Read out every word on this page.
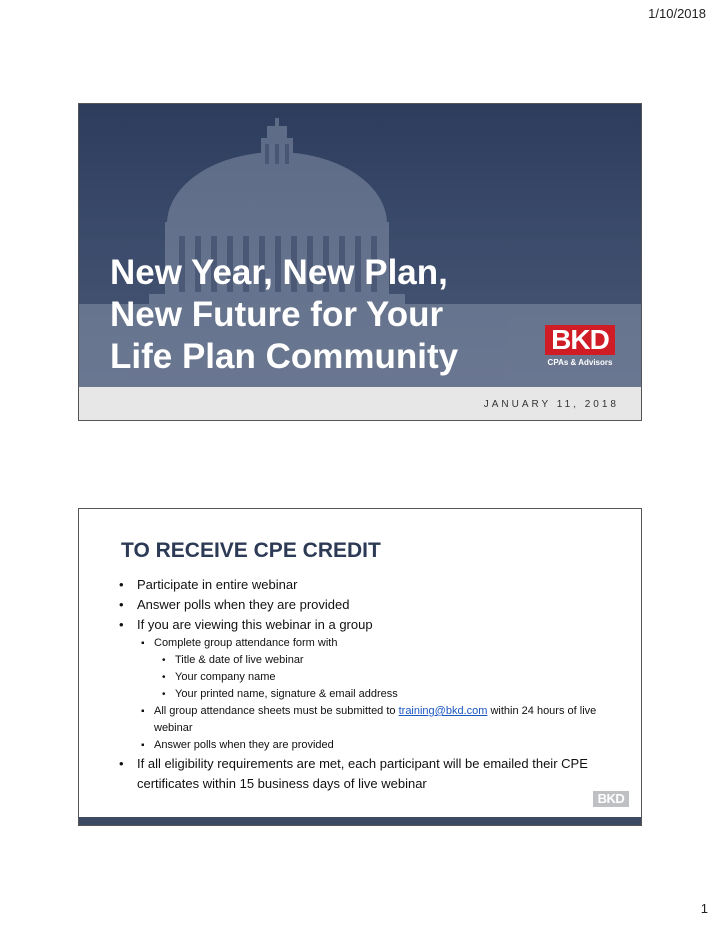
1/10/2018
New Year, New Plan,
New Future for Your
Life Plan Community	BKD
CPAs & Advisors
JANUARY 11, 2018
TO RECEIVE CPE CREDIT
• Participate in entire webinar
• Answer polls when they are provided
• If you are viewing this webinar in a group
▪ Complete group attendance form with
• Title & date of live webinar
• Your company name
• Your printed name, signature & email address
▪ All group attendance sheets must be submitted to training@bkd.com within 24 hours of live webinar
▪ Answer polls when they are provided
• If all eligibility requirements are met, each participant will be emailed their CPE certificates within 15 business days of live webinar
BKD
1
